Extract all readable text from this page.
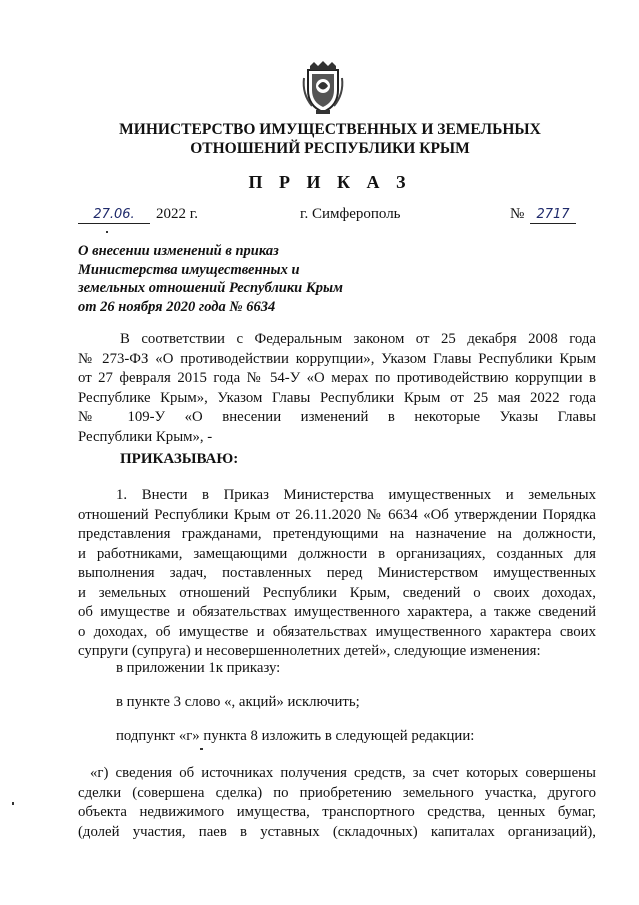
МИНИСТЕРСТВО ИМУЩЕСТВЕННЫХ И ЗЕМЕЛЬНЫХ
ОТНОШЕНИЙ РЕСПУБЛИКИ КРЫМ
П Р И К А З
27.06.	2022 г.	г. Симферополь	№ 2717
О внесении изменений в приказ
Министерства имущественных и
земельных отношений Республики Крым
от 26 ноября 2020 года № 6634
В соответствии с Федеральным законом от 25 декабря 2008 года
№ 273-ФЗ «О противодействии коррупции», Указом Главы Республики Крым
от 27 февраля 2015 года № 54-У «О мерах по противодействию коррупции в
Республике Крым», Указом Главы Республики Крым от 25 мая 2022 года
№ 109-У «О внесении изменений в некоторые Указы Главы
Республики Крым», -
ПРИКАЗЫВАЮ:
1. Внести в Приказ Министерства имущественных и земельных
отношений Республики Крым от 26.11.2020 № 6634 «Об утверждении Порядка
представления гражданами, претендующими на назначение на должности,
и работниками, замещающими должности в организациях, созданных для
выполнения задач, поставленных перед Министерством имущественных
и земельных отношений Республики Крым, сведений о своих доходах,
об имуществе и обязательствах имущественного характера, а также сведений
о доходах, об имуществе и обязательствах имущественного характера своих
супруги (супруга) и несовершеннолетних детей», следующие изменения:
в приложении 1к приказу:
в пункте 3 слово «, акций» исключить;
подпункт «г» пункта 8 изложить в следующей редакции:
«г) сведения об источниках получения средств, за счет которых совершены
сделки (совершена сделка) по приобретению земельного участка, другого
объекта недвижимого имущества, транспортного средства, ценных бумаг,
(долей участия, паев в уставных (складочных) капиталах организаций),
